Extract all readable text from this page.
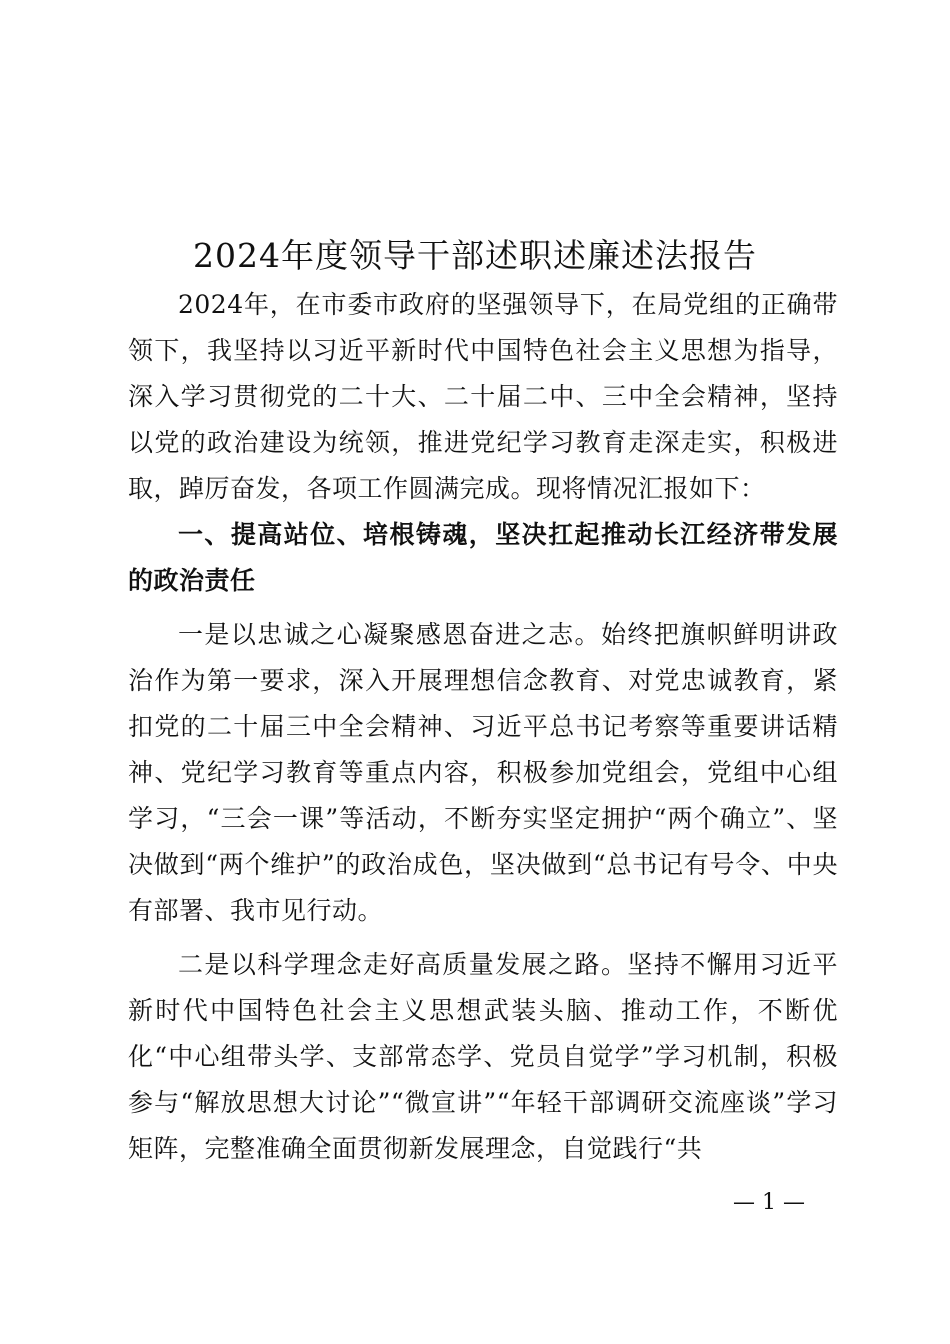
2024年度领导干部述职述廉述法报告

2024年，在市委市政府的坚强领导下，在局党组的正确带领下，我坚持以习近平新时代中国特色社会主义思想为指导，深入学习贯彻党的二十大、二十届二中、三中全会精神，坚持以党的政治建设为统领，推进党纪学习教育走深走实，积极进取，踔厉奋发，各项工作圆满完成。现将情况汇报如下：

一、提高站位、培根铸魂，坚决扛起推动长江经济带发展的政治责任

一是以忠诚之心凝聚感恩奋进之志。始终把旗帜鲜明讲政治作为第一要求，深入开展理想信念教育、对党忠诚教育，紧扣党的二十届三中全会精神、习近平总书记考察等重要讲话精神、党纪学习教育等重点内容，积极参加党组会，党组中心组学习，“三会一课”等活动，不断夯实坚定拥护“两个确立”、坚决做到“两个维护”的政治成色，坚决做到“总书记有号令、中央有部署、我市见行动。

二是以科学理念走好高质量发展之路。坚持不懈用习近平新时代中国特色社会主义思想武装头脑、推动工作，不断优化“中心组带头学、支部常态学、党员自觉学”学习机制，积极参与“解放思想大讨论”“微宣讲”“年轻干部调研交流座谈”学习矩阵，完整准确全面贯彻新发展理念，自觉践行“共

— 1 —
